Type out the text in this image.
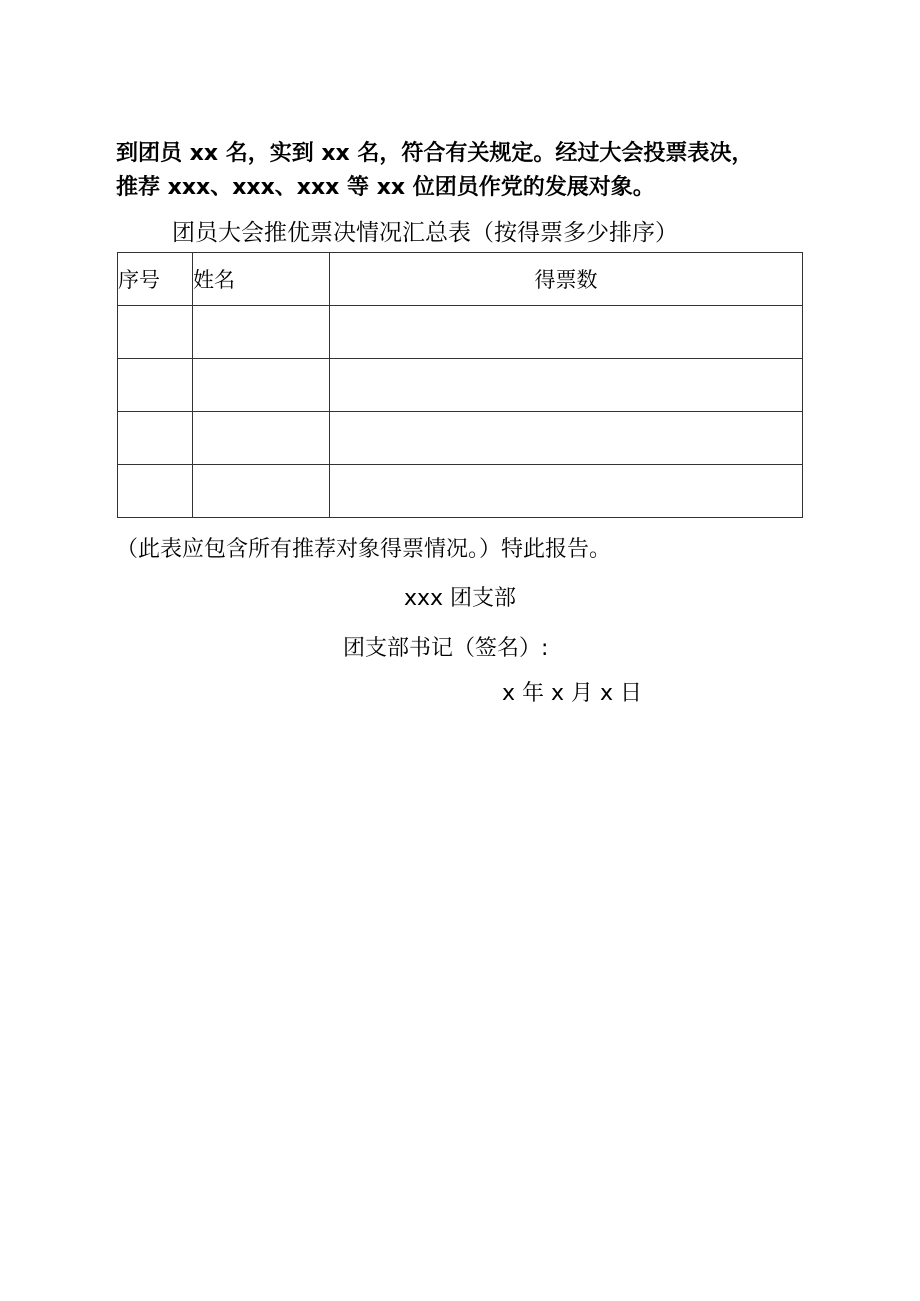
到团员 xx 名，实到 xx 名，符合有关规定。经过大会投票表决，
推荐 xxx、xxx、xxx 等 xx 位团员作党的发展对象。
团员大会推优票决情况汇总表（按得票多少排序）
序号	姓名	得票数

（此表应包含所有推荐对象得票情况。）特此报告。
xxx 团支部
团支部书记（签名）:
x 年 x 月 x 日
